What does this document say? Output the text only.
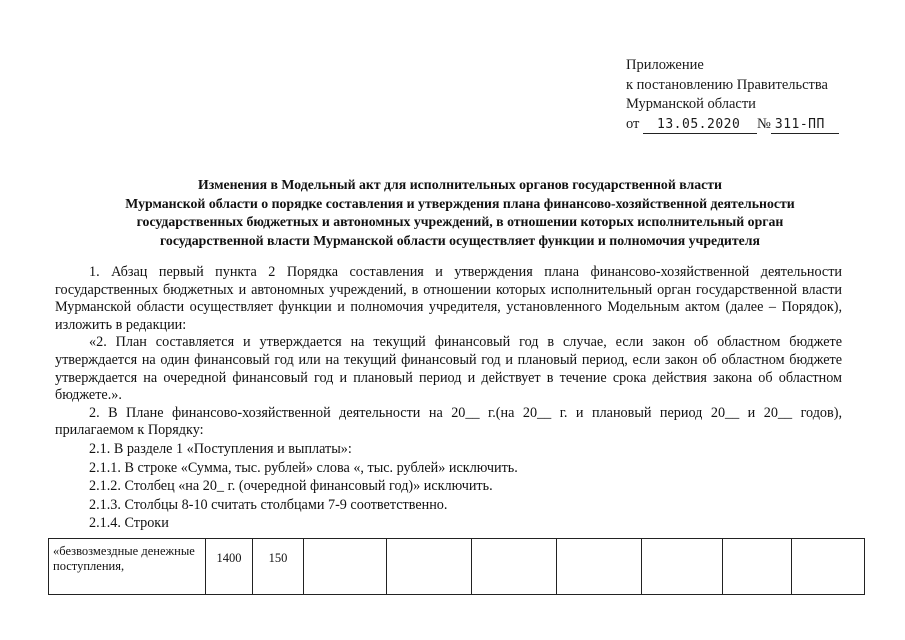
Приложение
к постановлению Правительства
Мурманской области
от 13.05.2020 № 311-ПП
Изменения в Модельный акт для исполнительных органов государственной власти
Мурманской области о порядке составления и утверждения плана финансово-хозяйственной деятельности
государственных бюджетных и автономных учреждений, в отношении которых исполнительный орган
государственной власти Мурманской области осуществляет функции и полномочия учредителя

1. Абзац первый пункта 2 Порядка составления и утверждения плана финансово-хозяйственной деятельности государственных бюджетных и автономных учреждений, в отношении которых исполнительный орган государственной власти Мурманской области осуществляет функции и полномочия учредителя, установленного Модельным актом (далее – Порядок), изложить в редакции:

«2. План составляется и утверждается на текущий финансовый год в случае, если закон об областном бюджете утверждается на один финансовый год или на текущий финансовый год и плановый период, если закон об областном бюджете утверждается на очередной финансовый год и плановый период и действует в течение срока действия закона об областном бюджете.».

2. В Плане финансово-хозяйственной деятельности на 20__ г.(на 20__ г. и плановый период 20__ и 20__ годов), прилагаемом к Порядку:

2.1. В разделе 1 «Поступления и выплаты»:

2.1.1. В строке «Сумма, тыс. рублей» слова «, тыс. рублей» исключить.

2.1.2. Столбец «на 20_ г. (очередной финансовый год)» исключить.

2.1.3. Столбцы 8-10 считать столбцами 7-9 соответственно.

2.1.4. Строки

«безвозмездные денежные поступления,	1400	150								
